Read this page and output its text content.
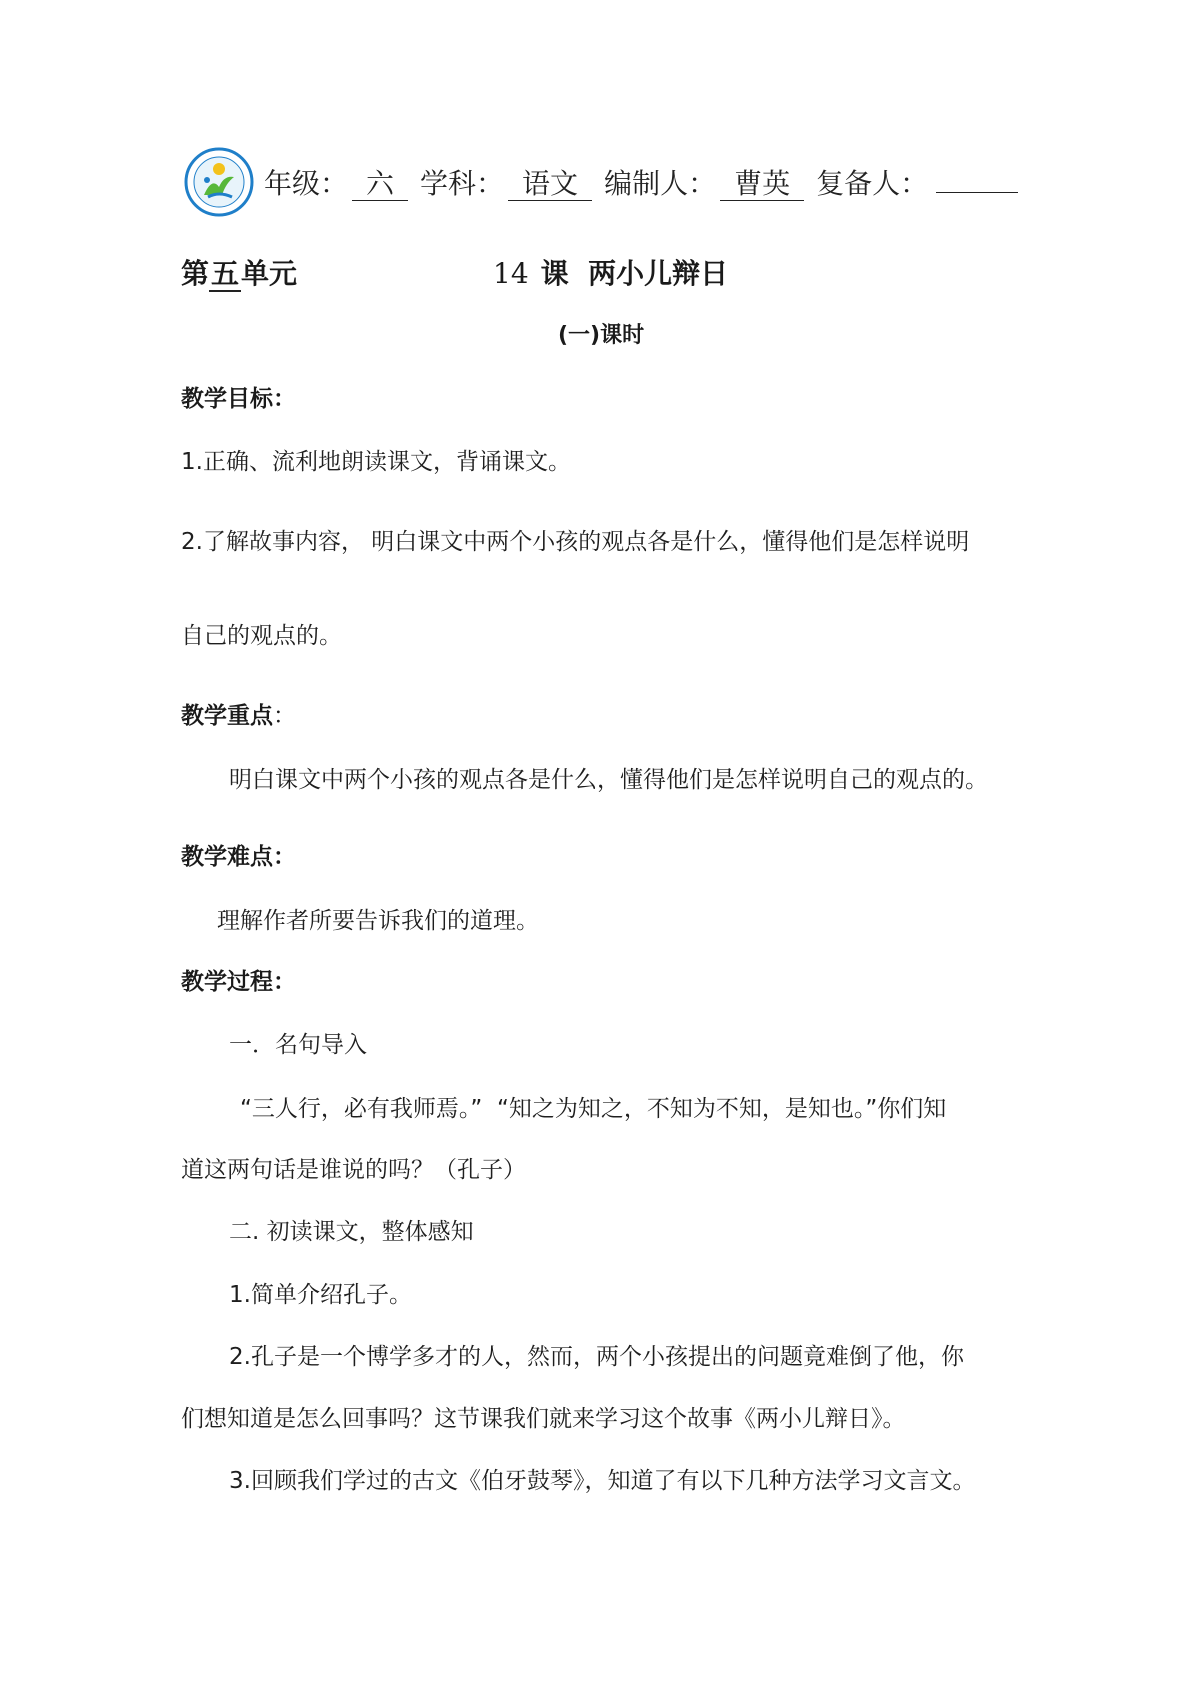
年级： 六 学科： 语文 编制人： 曹英 复备人：
第五单元	14 课  两小儿辩日
(一)课时
教学目标：
1.正确、流利地朗读课文，背诵课文。
2.了解故事内容， 明白课文中两个小孩的观点各是什么，懂得他们是怎样说明
自己的观点的。
教学重点：
明白课文中两个小孩的观点各是什么，懂得他们是怎样说明自己的观点的。
教学难点：
理解作者所要告诉我们的道理。
教学过程：
一．名句导入
“三人行，必有我师焉。”  “知之为知之，不知为不知，是知也。”你们知
道这两句话是谁说的吗？（孔子）
二. 初读课文，整体感知
1.简单介绍孔子。
2.孔子是一个博学多才的人，然而，两个小孩提出的问题竟难倒了他，你
们想知道是怎么回事吗？这节课我们就来学习这个故事《两小儿辩日》。
3.回顾我们学过的古文《伯牙鼓琴》，知道了有以下几种方法学习文言文。
